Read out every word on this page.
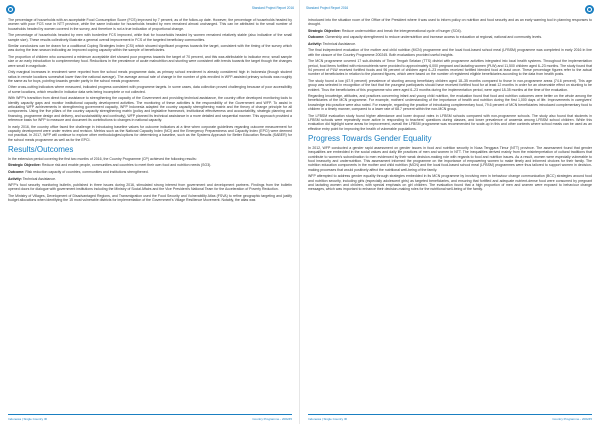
Standard Project Report 2016

The percentage of households with an acceptable Food Consumption Score (FCS) improved by 7 percent, as of the follow-up date. However, the percentage of households headed by women with poor FCS rose in NTT province, while the same indicator for households headed by men remained almost unchanged. This can be attributed to the small number of households headed by women covered in the survey, and therefore is not a true indication of proportional change.

The percentage of households headed by men with borderline FCS improved, while that for households headed by women remained relatively stable (also indicative of the small sample size). These results collectively illustrate a general overall improvement in FCS of the targeted beneficiary communities.

Similar conclusions can be drawn for a coalitional Coping Strategies Index (CSI) which showed significant progress towards the target, consistent with the timing of the survey which was during the lean season indicating an improved coping capacity within the sample of beneficiaries.

The proportion of children who consumed a minimum acceptable diet showed poor progress towards the target of 70 percent, and this was attributable to indicator error, small sample size or an early introduction to complementary food. Reductions in the prevalence of acute malnutrition and stunting were consistent with trends towards the target though the changes were small in magnitude.

Only marginal increases in enrolment were reported from the school meals programme data, as primary school enrolment is already considered high in Indonesia (though student ratios in remote locations somewhat lower than the national average). The average annual rate of change in the number of girls enrolled in WFP-assisted primary schools was roughly the same as for boys, pointing towards gender parity in the school meals programme.

Other cross-cutting indicators where measured, indicated progress consistent with programme targets. In some cases, data collection proved challenging because of poor accessibility of some locations, which resulted in indicator data sets being incomplete or not collected.

With WFP's transition from direct food assistance to strengthening the capacity of the Government and providing technical assistance, the country office developed monitoring tools to identify capacity gaps and monitor institutional capacity development activities. The monitoring of these activities is the responsibility of the Government and WFP. To assist in articulating WFP achievements in strengthening government capacity, WFP Indonesia adapted the country capacity strengthening matrix and the theory of change principle for all components. Using the five pillars of the country capacity strengthening matrix (policy and legislative framework, institutional effectiveness and accountability, strategic planning and financing, programme design and delivery, and sustainability and continuity), WFP planned its technical assistance in a more detailed and sequential manner. This approach provided a reference basis for WFP to measure and document its contributions to changes in national capacity.

In early 2016, the country office faced the challenge in introducing baseline values for outcome indicators at a time when corporate guidelines regarding outcome measurement for capacity development were under review and revision. Metrics such as the National Capacity Index (NCI) and the Emergency Preparedness and Capacity Index (EPCI) were deemed not practical. In 2017, WFP will continue to explore other methodologies/options for determining a baseline, such as the Systems Approach for Better Education Results (SABER) for the school meals programme as well as for the EPCI.

Results/Outcomes

In the extension period covering the first two months of 2016, the Country Programme (CP) achieved the following results:

Strategic Objective: Reduce risk and enable people, communities and countries to meet their own food and nutrition needs (SO3).

Outcome: Risk reduction capacity of countries, communities and institutions strengthened.

Activity: Technical Assistance.

WFP's food security monitoring bulletin, published in three issues during 2016, stimulated strong interest from government and development partners. Findings from the bulletin opened doors for dialogue with government institutions including the Ministry of Social Affairs and the Vice President's National Team for the Acceleration of Poverty Reduction.

The Ministry of Villages, Development of Disadvantaged Regions, and Transmigration used the Food Security and Vulnerability Atlas (FSVA) to refine geographic targeting and justify budget allocations when identifying the 15 most vulnerable districts for implementation of the Government's Village Resilience Movement. Notably, the atlas was

Indonesia | Single Country IR	Country Programme - 200245
Standard Project Report 2016

introduced into the situation room of the Office of the President where it was used to inform policy on nutrition and food security and as an early warning tool in planning responses to drought.

Strategic Objective: Reduce undernutrition and break the intergenerational cycle of hunger (SO4).

Outcome: Ownership and capacity strengthened to reduce undernutrition and increase access to education at regional, national and community levels.

Activity: Technical Assistance.

The final independent evaluation of the mother and child nutrition (MCN) programme and the local food-based school meal (LFBSM) programme was completed in early 2016 in line with the closure of the Country Programme 200245. Both evaluations provided useful insights.

The MCN programme covered 17 sub-districts of Timor Tengah Selatan (TTS) district with programme activities integrated into local health systems. Throughout the implementation period, food items fortified with micronutrients were provided to approximately 6,000 pregnant and lactating women (PLW) and 11,500 children aged 6–23 months. The study found that 94 percent of PLW received fortified foods and 96 percent of children aged 6–23 months received fortified blended food at least once. These percentage figures refer to the actual number of beneficiaries in relation to the planned figures, which were based on the number of registered eligible beneficiaries according to the data from health posts.

The study found a low (67.9 percent) prevalence of stunting among beneficiary children aged 18–35 months compared to those in non-programme areas (74.6 percent). This age group was selected in recognition of the fact that the youngest participants should have received fortified food for at least 12 months in order for an observable effect on stunting to be evident. Thus the beneficiaries of this programme who were aged 6–23 months during the implementation period, were aged 18-35 months at the time of the evaluation.

Regarding knowledge, attitudes, and practices concerning infant and young child nutrition, the evaluation found that food and nutrition outcomes were better on the whole among the beneficiaries of the MCN programme. For example, mothers' understanding of the importance of health and nutrition during the first 1,000 days of life. Improvements in caregivers' knowledge into practice were also noted. For example, regarding the practice of introducing complementary food, 79.6 percent of MCN beneficiaries introduced complementary food to children in a timely manner, compared to a lower rate of 68.7 percent within the non-MCN group.

The LFBSM evaluation study found higher attendance and lower dropout rates in LFBSM schools compared with non-programme schools. The study also found that students in LFBSM schools were repeatedly more active in responding to teachers' questions during classes, and lower prevalence of anaemia among LFBSM school children. While this evaluation did highlight some areas for improvement, overall the LFBSM programme was recommended for scale-up in this and other contexts where school meals can be used as an effective entry point for improving the health of vulnerable populations.

Progress Towards Gender Equality

In 2012, WFP conducted a gender rapid assessment on gender issues in food and nutrition security in Nusa Tenggara Timur (NTT) province. The assessment found that gender inequalities are embedded in the social values and daily life practices of men and women in NTT. The inequalities derived mainly from the misinterpretation of cultural traditions that contribute to women's subordination to men evidenced by their weak decision-making role with regards to food and nutrition issues. As a result, women were especially vulnerable to food insecurity and undernutrition. This assessment informed the programme on the importance of empowering women to make timely and informed choices for their family. The nutrition education components in the mother and child nutrition (MCN) and the local food-based school meal (LFBSM) programmes were thus tailored to support women in decision-making processes that would positively affect the nutritional well-being of the family.

WFP attempted to address gender equality through strategies embedded in its MCN programme by involving men in behaviour change communication (BCC) strategies around food and nutrition security, including girls (especially adolescent girls) as targeted beneficiaries, and ensuring that fortified and adequate nutrient-dense food were consumed by pregnant and lactating women and children, with special emphasis on girl children. The evaluation found that a high proportion of men and women were exposed to behaviour change messages, which was important to enhance their decision-making roles for the nutritional well-being of the family.

Indonesia | Single Country IR	Country Programme - 200245
